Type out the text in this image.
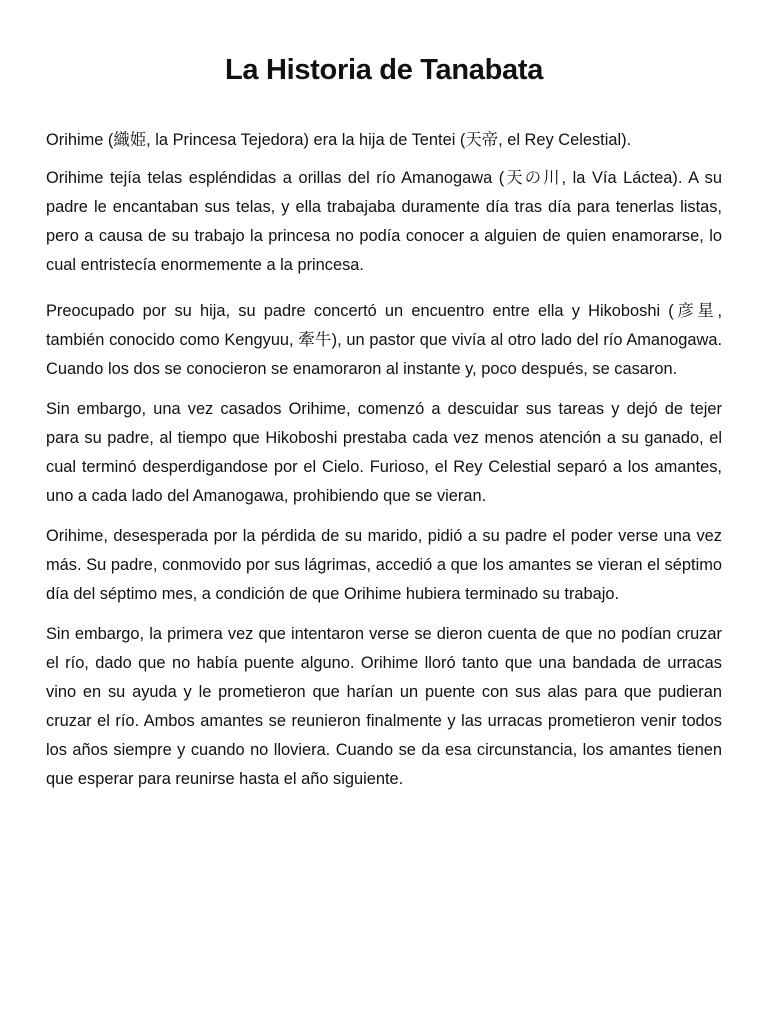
La Historia de Tanabata

Orihime (織姫, la Princesa Tejedora) era la hija de Tentei (天帝, el Rey Celestial).

Orihime tejía telas espléndidas a orillas del río Amanogawa (天の川, la Vía Láctea). A su padre le encantaban sus telas, y ella trabajaba duramente día tras día para tenerlas listas, pero a causa de su trabajo la princesa no podía conocer a alguien de quien enamorarse, lo cual entristecía enormemente a la princesa.

Preocupado por su hija, su padre concertó un encuentro entre ella y Hikoboshi (彦星, también conocido como Kengyuu, 牽牛), un pastor que vivía al otro lado del río Amanogawa. Cuando los dos se conocieron se enamoraron al instante y, poco después, se casaron.

Sin embargo, una vez casados Orihime, comenzó a descuidar sus tareas y dejó de tejer para su padre, al tiempo que Hikoboshi prestaba cada vez menos atención a su ganado, el cual terminó desperdigandose por el Cielo. Furioso, el Rey Celestial separó a los amantes, uno a cada lado del Amanogawa, prohibiendo que se vieran.

Orihime, desesperada por la pérdida de su marido, pidió a su padre el poder verse una vez más. Su padre, conmovido por sus lágrimas, accedió a que los amantes se vieran el séptimo día del séptimo mes, a condición de que Orihime hubiera terminado su trabajo.

Sin embargo, la primera vez que intentaron verse se dieron cuenta de que no podían cruzar el río, dado que no había puente alguno. Orihime lloró tanto que una bandada de urracas vino en su ayuda y le prometieron que harían un puente con sus alas para que pudieran cruzar el río. Ambos amantes se reunieron finalmente y las urracas prometieron venir todos los años siempre y cuando no lloviera. Cuando se da esa circunstancia, los amantes tienen que esperar para reunirse hasta el año siguiente.
